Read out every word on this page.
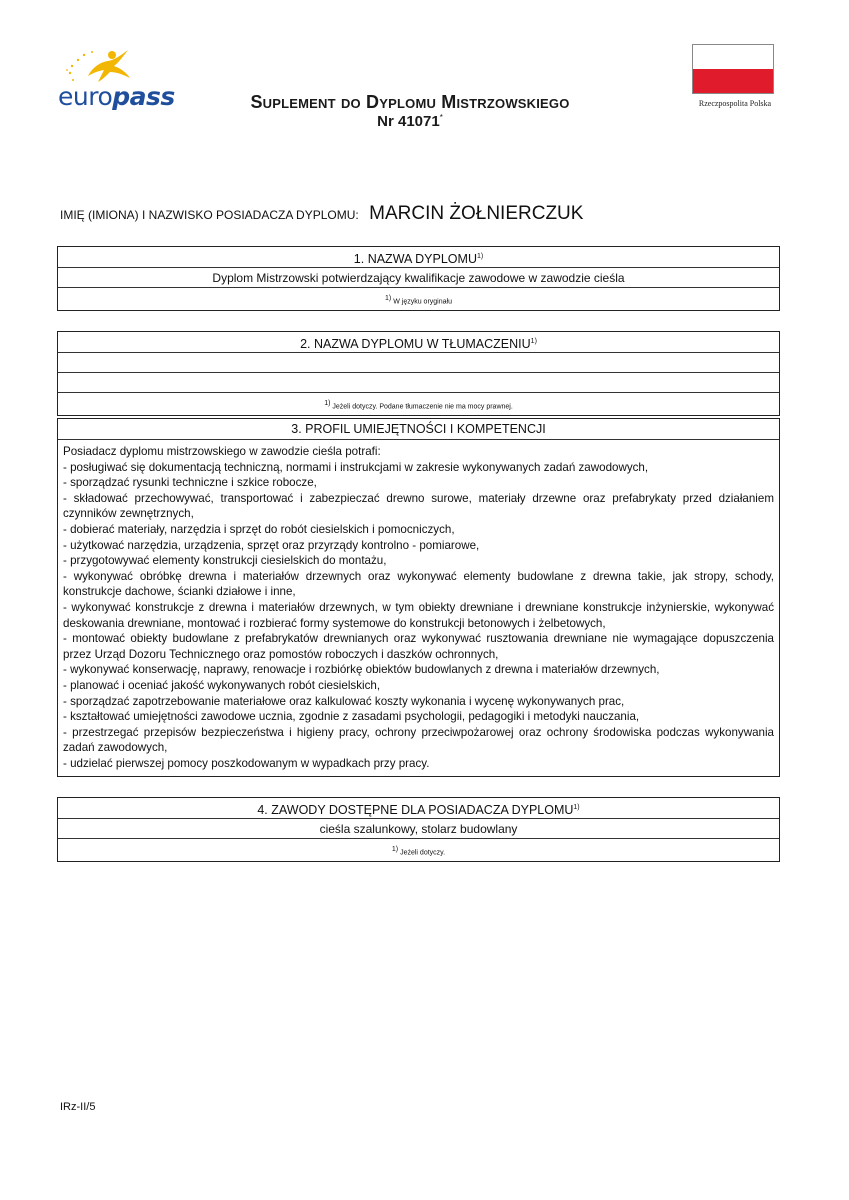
europass	Rzeczpospolita Polska
Suplement do Dyplomu Mistrzowskiego
Nr 41071*
IMIĘ (IMIONA) I NAZWISKO POSIADACZA DYPLOMU: MARCIN ŻOŁNIERCZUK
1. NAZWA DYPLOMU$^{1)}$
Dyplom Mistrzowski potwierdzający kwalifikacje zawodowe w zawodzie cieśla
$^{1)}$ W języku oryginału
2. NAZWA DYPLOMU W TŁUMACZENIU$^{1)}$
$^{1)}$ Jeżeli dotyczy. Podane tłumaczenie nie ma mocy prawnej.
3. PROFIL UMIEJĘTNOŚCI I KOMPETENCJI

Posiadacz dyplomu mistrzowskiego w zawodzie cieśla potrafi:

- posługiwać się dokumentacją techniczną, normami i instrukcjami w zakresie wykonywanych zadań zawodowych,

- sporządzać rysunki techniczne i szkice robocze,

- składować przechowywać, transportować i zabezpieczać drewno surowe, materiały drzewne oraz prefabrykaty przed działaniem czynników zewnętrznych,

- dobierać materiały, narzędzia i sprzęt do robót ciesielskich i pomocniczych,

- użytkować narzędzia, urządzenia, sprzęt oraz przyrządy kontrolno - pomiarowe,

- przygotowywać elementy konstrukcji ciesielskich do montażu,

- wykonywać obróbkę drewna i materiałów drzewnych oraz wykonywać elementy budowlane z drewna takie, jak stropy, schody, konstrukcje dachowe, ścianki działowe i inne,

- wykonywać konstrukcje z drewna i materiałów drzewnych, w tym obiekty drewniane i drewniane konstrukcje inżynierskie, wykonywać deskowania drewniane, montować i rozbierać formy systemowe do konstrukcji betonowych i żelbetowych,

- montować obiekty budowlane z prefabrykatów drewnianych oraz wykonywać rusztowania drewniane nie wymagające dopuszczenia przez Urząd Dozoru Technicznego oraz pomostów roboczych i daszków ochronnych,

- wykonywać konserwację, naprawy, renowacje i rozbiórkę obiektów budowlanych z drewna i materiałów drzewnych,

- planować i oceniać jakość wykonywanych robót ciesielskich,

- sporządzać zapotrzebowanie materiałowe oraz kalkulować koszty wykonania i wycenę wykonywanych prac,

- kształtować umiejętności zawodowe ucznia, zgodnie z zasadami psychologii, pedagogiki i metodyki nauczania,

- przestrzegać przepisów bezpieczeństwa i higieny pracy, ochrony przeciwpożarowej oraz ochrony środowiska podczas wykonywania zadań zawodowych,

- udzielać pierwszej pomocy poszkodowanym w wypadkach przy pracy.

4. ZAWODY DOSTĘPNE DLA POSIADACZA DYPLOMU$^{1)}$
cieśla szalunkowy, stolarz budowlany
$^{1)}$ Jeżeli dotyczy.
IRz-II/5
